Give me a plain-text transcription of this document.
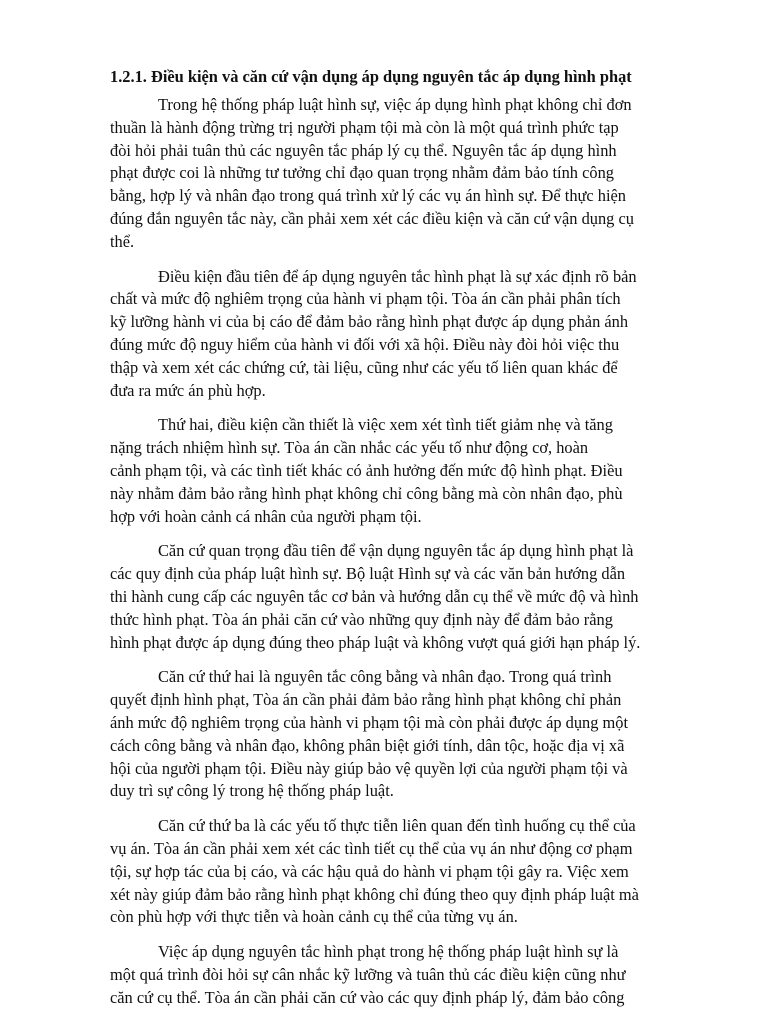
1.2.1. Điều kiện và căn cứ vận dụng áp dụng nguyên tắc áp dụng hình phạt
Trong hệ thống pháp luật hình sự, việc áp dụng hình phạt không chỉ đơn
thuần là hành động trừng trị người phạm tội mà còn là một quá trình phức tạp
đòi hỏi phải tuân thủ các nguyên tắc pháp lý cụ thể. Nguyên tắc áp dụng hình
phạt được coi là những tư tưởng chỉ đạo quan trọng nhằm đảm bảo tính công
bằng, hợp lý và nhân đạo trong quá trình xử lý các vụ án hình sự. Để thực hiện
đúng đắn nguyên tắc này, cần phải xem xét các điều kiện và căn cứ vận dụng cụ
thể.
Điều kiện đầu tiên để áp dụng nguyên tắc hình phạt là sự xác định rõ bản
chất và mức độ nghiêm trọng của hành vi phạm tội. Tòa án cần phải phân tích
kỹ lưỡng hành vi của bị cáo để đảm bảo rằng hình phạt được áp dụng phản ánh
đúng mức độ nguy hiểm của hành vi đối với xã hội. Điều này đòi hỏi việc thu
thập và xem xét các chứng cứ, tài liệu, cũng như các yếu tố liên quan khác để
đưa ra mức án phù hợp.
Thứ hai, điều kiện cần thiết là việc xem xét tình tiết giảm nhẹ và tăng
nặng trách nhiệm hình sự. Tòa án cần nhắc các yếu tố như động cơ, hoàn
cảnh phạm tội, và các tình tiết khác có ảnh hưởng đến mức độ hình phạt. Điều
này nhằm đảm bảo rằng hình phạt không chỉ công bằng mà còn nhân đạo, phù
hợp với hoàn cảnh cá nhân của người phạm tội.
Căn cứ quan trọng đầu tiên để vận dụng nguyên tắc áp dụng hình phạt là
các quy định của pháp luật hình sự. Bộ luật Hình sự và các văn bản hướng dẫn
thi hành cung cấp các nguyên tắc cơ bản và hướng dẫn cụ thể về mức độ và hình
thức hình phạt. Tòa án phải căn cứ vào những quy định này để đảm bảo rằng
hình phạt được áp dụng đúng theo pháp luật và không vượt quá giới hạn pháp lý.
Căn cứ thứ hai là nguyên tắc công bằng và nhân đạo. Trong quá trình
quyết định hình phạt, Tòa án cần phải đảm bảo rằng hình phạt không chỉ phản
ánh mức độ nghiêm trọng của hành vi phạm tội mà còn phải được áp dụng một
cách công bằng và nhân đạo, không phân biệt giới tính, dân tộc, hoặc địa vị xã
hội của người phạm tội. Điều này giúp bảo vệ quyền lợi của người phạm tội và
duy trì sự công lý trong hệ thống pháp luật.
Căn cứ thứ ba là các yếu tố thực tiễn liên quan đến tình huống cụ thể của
vụ án. Tòa án cần phải xem xét các tình tiết cụ thể của vụ án như động cơ phạm
tội, sự hợp tác của bị cáo, và các hậu quả do hành vi phạm tội gây ra. Việc xem
xét này giúp đảm bảo rằng hình phạt không chỉ đúng theo quy định pháp luật mà
còn phù hợp với thực tiễn và hoàn cảnh cụ thể của từng vụ án.
Việc áp dụng nguyên tắc hình phạt trong hệ thống pháp luật hình sự là
một quá trình đòi hỏi sự cân nhắc kỹ lưỡng và tuân thủ các điều kiện cũng như
căn cứ cụ thể. Tòa án cần phải căn cứ vào các quy định pháp lý, đảm bảo công
